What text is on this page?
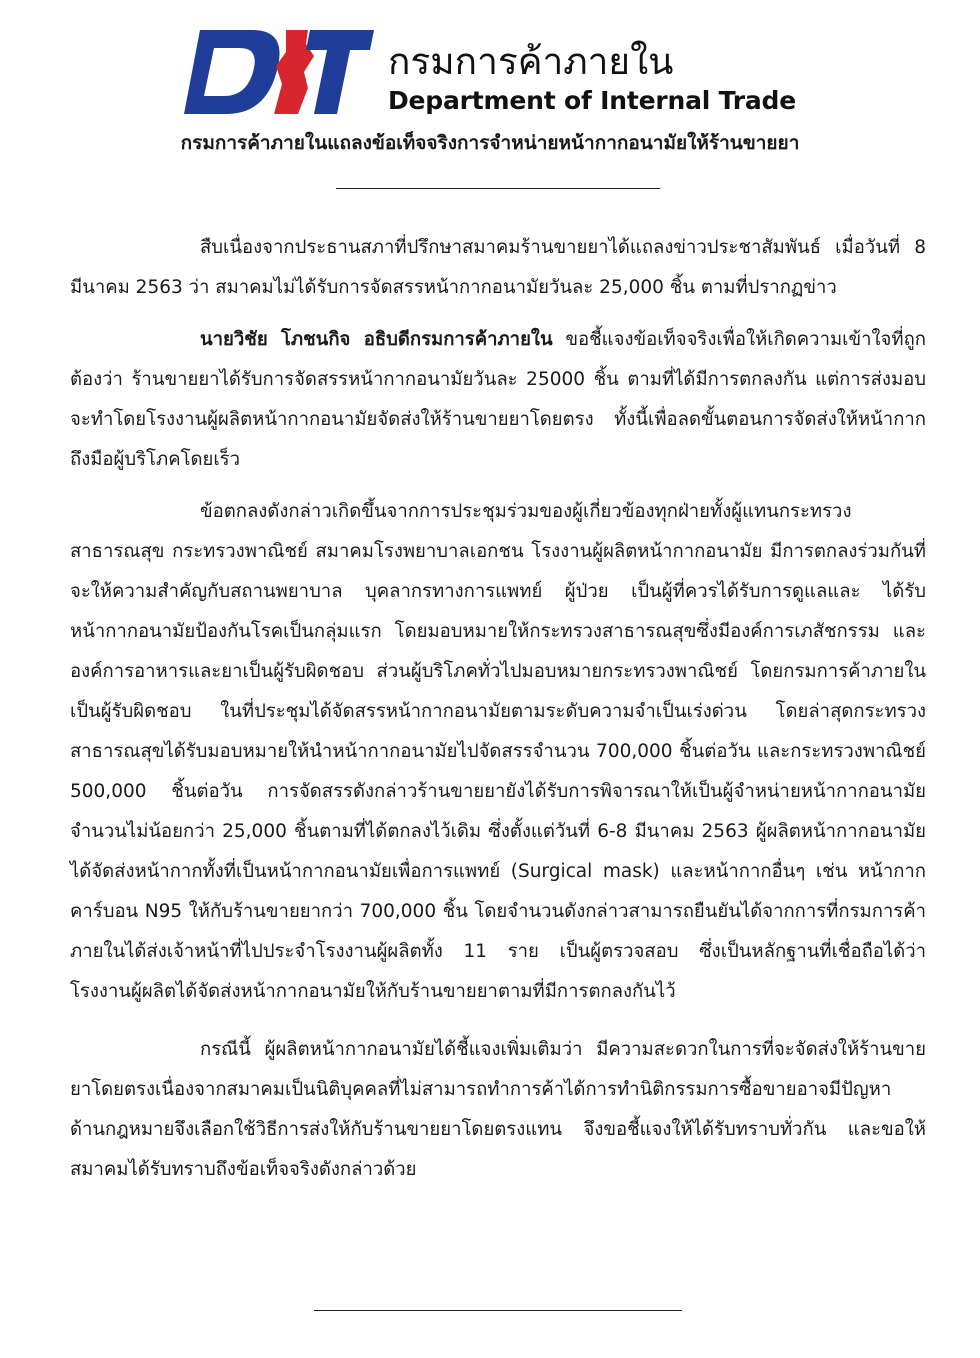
กรมการค้าภายใน
Department of Internal Trade
กรมการค้าภายในแถลงข้อเท็จจริงการจำหน่ายหน้ากากอนามัยให้ร้านขายยา

สืบเนื่องจากประธานสภาที่ปรึกษาสมาคมร้านขายยาได้แถลงข่าวประชาสัมพันธ์ เมื่อวันที่ 8 มีนาคม 2563 ว่า สมาคมไม่ได้รับการจัดสรรหน้ากากอนามัยวันละ 25,000 ชิ้น ตามที่ปรากฏข่าว

นายวิชัย โภชนกิจ อธิบดีกรมการค้าภายใน ขอชี้แจงข้อเท็จจริงเพื่อให้เกิดความเข้าใจที่ถูกต้องว่า ร้านขายยาได้รับการจัดสรรหน้ากากอนามัยวันละ 25000 ชิ้น ตามที่ได้มีการตกลงกัน แต่การส่งมอบจะทำโดยโรงงานผู้ผลิตหน้ากากอนามัยจัดส่งให้ร้านขายยาโดยตรง ทั้งนี้เพื่อลดขั้นตอนการจัดส่งให้หน้ากากถึงมือผู้บริโภคโดยเร็ว

ข้อตกลงดังกล่าวเกิดขึ้นจากการประชุมร่วมของผู้เกี่ยวข้องทุกฝ่ายทั้งผู้แทนกระทรวงสาธารณสุข กระทรวงพาณิชย์ สมาคมโรงพยาบาลเอกชน โรงงานผู้ผลิตหน้ากากอนามัย มีการตกลงร่วมกันที่จะให้ความสำคัญกับสถานพยาบาล บุคลากรทางการแพทย์ ผู้ป่วย เป็นผู้ที่ควรได้รับการดูแลและ ได้รับหน้ากากอนามัยป้องกันโรคเป็นกลุ่มแรก โดยมอบหมายให้กระทรวงสาธารณสุขซึ่งมีองค์การเภสัชกรรม และองค์การอาหารและยาเป็นผู้รับผิดชอบ ส่วนผู้บริโภคทั่วไปมอบหมายกระทรวงพาณิชย์ โดยกรมการค้าภายในเป็นผู้รับผิดชอบ ในที่ประชุมได้จัดสรรหน้ากากอนามัยตามระดับความจำเป็นเร่งด่วน โดยล่าสุดกระทรวงสาธารณสุขได้รับมอบหมายให้นำหน้ากากอนามัยไปจัดสรรจำนวน 700,000 ชิ้นต่อวัน และกระทรวงพาณิชย์ 500,000 ชิ้นต่อวัน การจัดสรรดังกล่าวร้านขายยายังได้รับการพิจารณาให้เป็นผู้จำหน่ายหน้ากากอนามัยจำนวนไม่น้อยกว่า 25,000 ชิ้นตามที่ได้ตกลงไว้เดิม ซึ่งตั้งแต่วันที่ 6-8 มีนาคม 2563 ผู้ผลิตหน้ากากอนามัยได้จัดส่งหน้ากากทั้งที่เป็นหน้ากากอนามัยเพื่อการแพทย์ (Surgical mask) และหน้ากากอื่นๆ เช่น หน้ากากคาร์บอน N95 ให้กับร้านขายยากว่า 700,000 ชิ้น โดยจำนวนดังกล่าวสามารถยืนยันได้จากการที่กรมการค้าภายในได้ส่งเจ้าหน้าที่ไปประจำโรงงานผู้ผลิตทั้ง 11 ราย เป็นผู้ตรวจสอบ ซึ่งเป็นหลักฐานที่เชื่อถือได้ว่าโรงงานผู้ผลิตได้จัดส่งหน้ากากอนามัยให้กับร้านขายยาตามที่มีการตกลงกันไว้

กรณีนี้ ผู้ผลิตหน้ากากอนามัยได้ชี้แจงเพิ่มเติมว่า มีความสะดวกในการที่จะจัดส่งให้ร้านขายยาโดยตรงเนื่องจากสมาคมเป็นนิติบุคคลที่ไม่สามารถทำการค้าได้การทำนิติกรรมการซื้อขายอาจมีปัญหาด้านกฎหมายจึงเลือกใช้วิธีการส่งให้กับร้านขายยาโดยตรงแทน จึงขอชี้แจงให้ได้รับทราบทั่วกัน และขอให้สมาคมได้รับทราบถึงข้อเท็จจริงดังกล่าวด้วย
